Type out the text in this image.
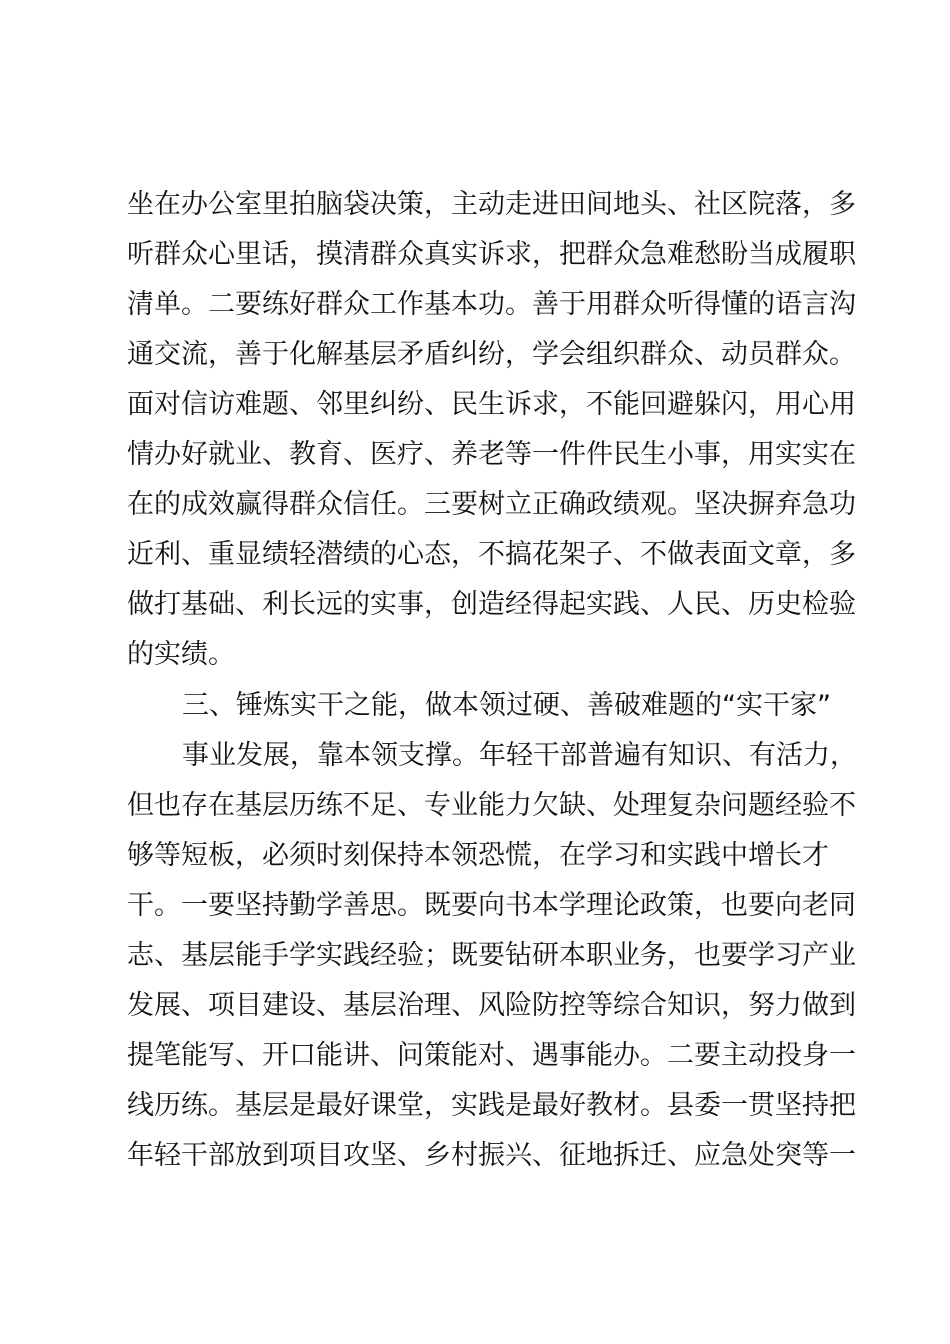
坐在办公室里拍脑袋决策，主动走进田间地头、社区院落，多
听群众心里话，摸清群众真实诉求，把群众急难愁盼当成履职
清单。二要练好群众工作基本功。善于用群众听得懂的语言沟
通交流，善于化解基层矛盾纠纷，学会组织群众、动员群众。
面对信访难题、邻里纠纷、民生诉求，不能回避躲闪，用心用
情办好就业、教育、医疗、养老等一件件民生小事，用实实在
在的成效赢得群众信任。三要树立正确政绩观。坚决摒弃急功
近利、重显绩轻潜绩的心态，不搞花架子、不做表面文章，多
做打基础、利长远的实事，创造经得起实践、人民、历史检验
的实绩。
三、锤炼实干之能，做本领过硬、善破难题的“实干家”
事业发展，靠本领支撑。年轻干部普遍有知识、有活力，
但也存在基层历练不足、专业能力欠缺、处理复杂问题经验不
够等短板，必须时刻保持本领恐慌，在学习和实践中增长才
干。一要坚持勤学善思。既要向书本学理论政策，也要向老同
志、基层能手学实践经验；既要钻研本职业务，也要学习产业
发展、项目建设、基层治理、风险防控等综合知识，努力做到
提笔能写、开口能讲、问策能对、遇事能办。二要主动投身一
线历练。基层是最好课堂，实践是最好教材。县委一贯坚持把
年轻干部放到项目攻坚、乡村振兴、征地拆迁、应急处突等一
